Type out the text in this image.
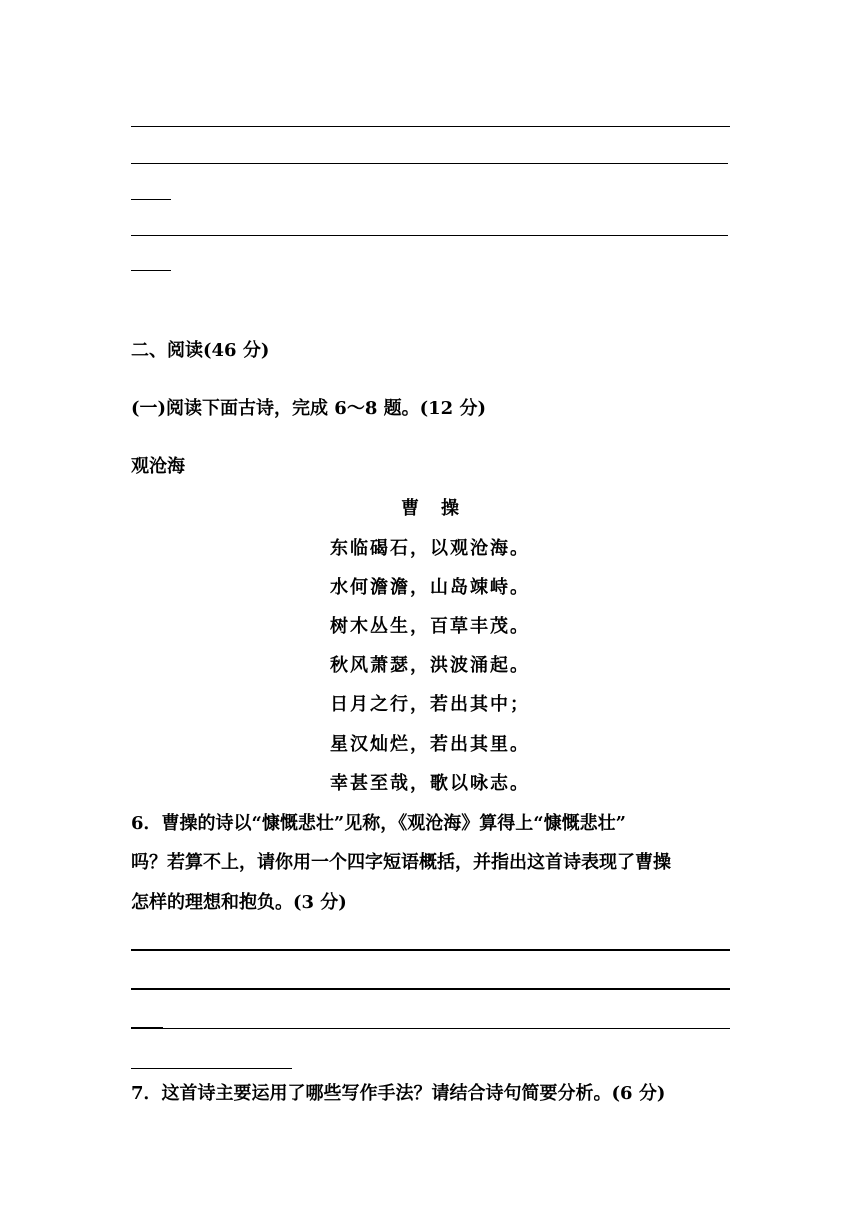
二、阅读(46 分)
(一)阅读下面古诗，完成 6～8 题。(12 分)
观沧海
曹操
东临碣石，以观沧海。
水何澹澹，山岛竦峙。
树木丛生，百草丰茂。
秋风萧瑟，洪波涌起。
日月之行，若出其中；
星汉灿烂，若出其里。
幸甚至哉，歌以咏志。
6．曹操的诗以“慷慨悲壮”见称，《观沧海》算得上“慷慨悲壮”
吗？若算不上，请你用一个四字短语概括，并指出这首诗表现了曹操
怎样的理想和抱负。(3 分)
7．这首诗主要运用了哪些写作手法？请结合诗句简要分析。(6 分)
